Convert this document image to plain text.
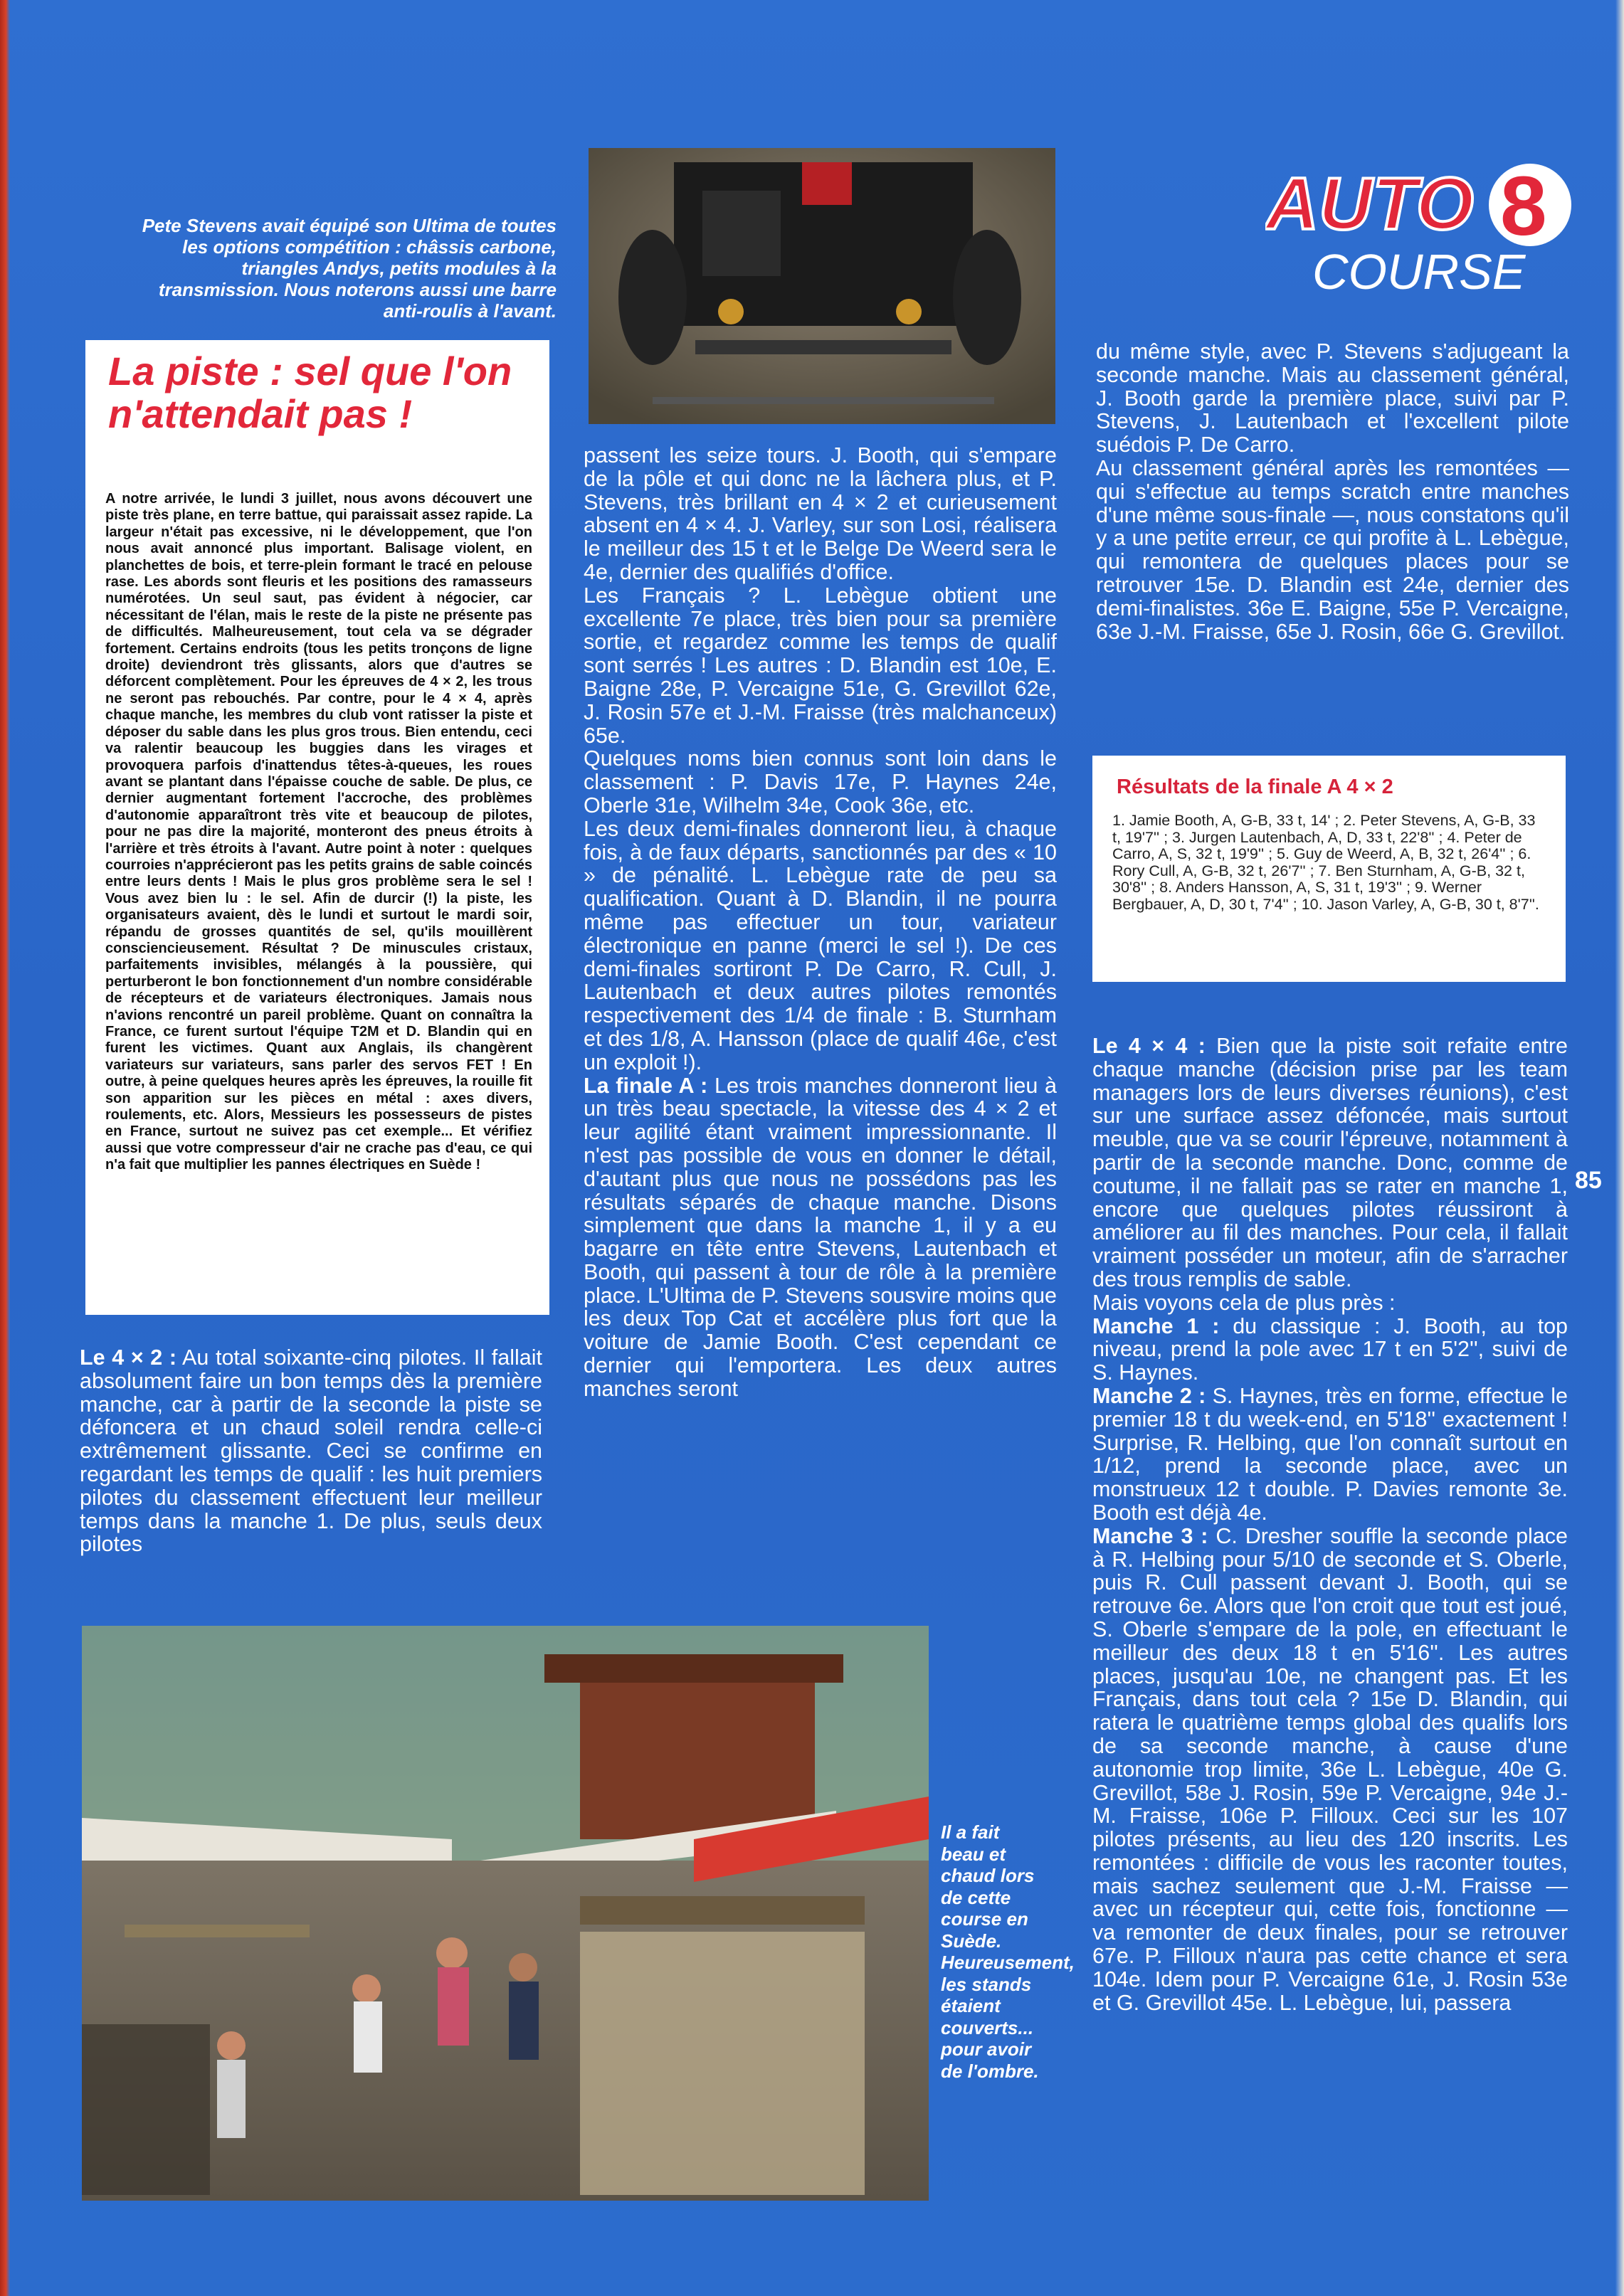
Pete Stevens avait équipé son Ultima de toutes les options compétition : châssis carbone, triangles Andys, petits modules à la transmission. Nous noterons aussi une barre anti-roulis à l'avant.
AUTO 8
COURSE
La piste : sel que l'on n'attendait pas !
A notre arrivée, le lundi 3 juillet, nous avons découvert une piste très plane, en terre battue, qui paraissait assez rapide. La largeur n'était pas excessive, ni le développement, que l'on nous avait annoncé plus important. Balisage violent, en planchettes de bois, et terre-plein formant le tracé en pelouse rase. Les abords sont fleuris et les positions des ramasseurs numérotées. Un seul saut, pas évident à négocier, car nécessitant de l'élan, mais le reste de la piste ne présente pas de difficultés. Malheureusement, tout cela va se dégrader fortement. Certains endroits (tous les petits tronçons de ligne droite) deviendront très glissants, alors que d'autres se déforcent complètement. Pour les épreuves de 4 × 2, les trous ne seront pas rebouchés. Par contre, pour le 4 × 4, après chaque manche, les membres du club vont ratisser la piste et déposer du sable dans les plus gros trous. Bien entendu, ceci va ralentir beaucoup les buggies dans les virages et provoquera parfois d'inattendus têtes-à-queues, les roues avant se plantant dans l'épaisse couche de sable. De plus, ce dernier augmentant fortement l'accroche, des problèmes d'autonomie apparaîtront très vite et beaucoup de pilotes, pour ne pas dire la majorité, monteront des pneus étroits à l'arrière et très étroits à l'avant. Autre point à noter : quelques courroies n'apprécieront pas les petits grains de sable coincés entre leurs dents ! Mais le plus gros problème sera le sel ! Vous avez bien lu : le sel. Afin de durcir (!) la piste, les organisateurs avaient, dès le lundi et surtout le mardi soir, répandu de grosses quantités de sel, qu'ils mouillèrent consciencieusement. Résultat ? De minuscules cristaux, parfaitements invisibles, mélangés à la poussière, qui perturberont le bon fonctionnement d'un nombre considérable de récepteurs et de variateurs électroniques. Jamais nous n'avions rencontré un pareil problème. Quant on connaîtra la France, ce furent surtout l'équipe T2M et D. Blandin qui en furent les victimes. Quant aux Anglais, ils changèrent variateurs sur variateurs, sans parler des servos FET ! En outre, à peine quelques heures après les épreuves, la rouille fit son apparition sur les pièces en métal : axes divers, roulements, etc. Alors, Messieurs les possesseurs de pistes en France, surtout ne suivez pas cet exemple... Et vérifiez aussi que votre compresseur d'air ne crache pas d'eau, ce qui n'a fait que multiplier les pannes électriques en Suède !
Le 4 × 2 : Au total soixante-cinq pilotes. Il fallait absolument faire un bon temps dès la première manche, car à partir de la seconde la piste se défoncera et un chaud soleil rendra celle-ci extrêmement glissante. Ceci se confirme en regardant les temps de qualif : les huit premiers pilotes du classement effectuent leur meilleur temps dans la manche 1. De plus, seuls deux pilotes
passent les seize tours. J. Booth, qui s'empare de la pôle et qui donc ne la lâchera plus, et P. Stevens, très brillant en 4 × 2 et curieusement absent en 4 × 4. J. Varley, sur son Losi, réalisera le meilleur des 15 t et le Belge De Weerd sera le 4e, dernier des qualifiés d'office.
Les Français ? L. Lebègue obtient une excellente 7e place, très bien pour sa première sortie, et regardez comme les temps de qualif sont serrés ! Les autres : D. Blandin est 10e, E. Baigne 28e, P. Vercaigne 51e, G. Grevillot 62e, J. Rosin 57e et J.-M. Fraisse (très malchanceux) 65e.
Quelques noms bien connus sont loin dans le classement : P. Davis 17e, P. Haynes 24e, Oberle 31e, Wilhelm 34e, Cook 36e, etc.
Les deux demi-finales donneront lieu, à chaque fois, à de faux départs, sanctionnés par des « 10 » de pénalité. L. Lebègue rate de peu sa qualification. Quant à D. Blandin, il ne pourra même pas effectuer un tour, variateur électronique en panne (merci le sel !). De ces demi-finales sortiront P. De Carro, R. Cull, J. Lautenbach et deux autres pilotes remontés respectivement des 1/4 de finale : B. Sturnham et des 1/8, A. Hansson (place de qualif 46e, c'est un exploit !).
La finale A : Les trois manches donneront lieu à un très beau spectacle, la vitesse des 4 × 2 et leur agilité étant vraiment impressionnante. Il n'est pas possible de vous en donner le détail, d'autant plus que nous ne possédons pas les résultats séparés de chaque manche. Disons simplement que dans la manche 1, il y a eu bagarre en tête entre Stevens, Lautenbach et Booth, qui passent à tour de rôle à la première place. L'Ultima de P. Stevens sousvire moins que les deux Top Cat et accélère plus fort que la voiture de Jamie Booth. C'est cependant ce dernier qui l'emportera. Les deux autres manches seront
du même style, avec P. Stevens s'adjugeant la seconde manche. Mais au classement général, J. Booth garde la première place, suivi par P. Stevens, J. Lautenbach et l'excellent pilote suédois P. De Carro.
Au classement général après les remontées — qui s'effectue au temps scratch entre manches d'une même sous-finale —, nous constatons qu'il y a une petite erreur, ce qui profite à L. Lebègue, qui remontera de quelques places pour se retrouver 15e. D. Blandin est 24e, dernier des demi-finalistes. 36e E. Baigne, 55e P. Vercaigne, 63e J.-M. Fraisse, 65e J. Rosin, 66e G. Grevillot.
Résultats de la finale A 4 × 2
1. Jamie Booth, A, G-B, 33 t, 14' ; 2. Peter Stevens, A, G-B, 33 t, 19'7'' ; 3. Jurgen Lautenbach, A, D, 33 t, 22'8'' ; 4. Peter de Carro, A, S, 32 t, 19'9'' ; 5. Guy de Weerd, A, B, 32 t, 26'4'' ; 6. Rory Cull, A, G-B, 32 t, 26'7'' ; 7. Ben Sturnham, A, G-B, 32 t, 30'8'' ; 8. Anders Hansson, A, S, 31 t, 19'3'' ; 9. Werner Bergbauer, A, D, 30 t, 7'4'' ; 10. Jason Varley, A, G-B, 30 t, 8'7''.
85
Le 4 × 4 : Bien que la piste soit refaite entre chaque manche (décision prise par les team managers lors de leurs diverses réunions), c'est sur une surface assez défoncée, mais surtout meuble, que va se courir l'épreuve, notamment à partir de la seconde manche. Donc, comme de coutume, il ne fallait pas se rater en manche 1, encore que quelques pilotes réussiront à améliorer au fil des manches. Pour cela, il fallait vraiment posséder un moteur, afin de s'arracher des trous remplis de sable.
Mais voyons cela de plus près :
Manche 1 : du classique : J. Booth, au top niveau, prend la pole avec 17 t en 5'2'', suivi de S. Haynes.
Manche 2 : S. Haynes, très en forme, effectue le premier 18 t du week-end, en 5'18'' exactement ! Surprise, R. Helbing, que l'on connaît surtout en 1/12, prend la seconde place, avec un monstrueux 12 t double. P. Davies remonte 3e. Booth est déjà 4e.
Manche 3 : C. Dresher souffle la seconde place à R. Helbing pour 5/10 de seconde et S. Oberle, puis R. Cull passent devant J. Booth, qui se retrouve 6e. Alors que l'on croit que tout est joué, S. Oberle s'empare de la pole, en effectuant le meilleur des deux 18 t en 5'16''. Les autres places, jusqu'au 10e, ne changent pas. Et les Français, dans tout cela ? 15e D. Blandin, qui ratera le quatrième temps global des qualifs lors de sa seconde manche, à cause d'une autonomie trop limite, 36e L. Lebègue, 40e G. Grevillot, 58e J. Rosin, 59e P. Vercaigne, 94e J.-M. Fraisse, 106e P. Filloux. Ceci sur les 107 pilotes présents, au lieu des 120 inscrits. Les remontées : difficile de vous les raconter toutes, mais sachez seulement que J.-M. Fraisse — avec un récepteur qui, cette fois, fonctionne — va remonter de deux finales, pour se retrouver 67e. P. Filloux n'aura pas cette chance et sera 104e. Idem pour P. Vercaigne 61e, J. Rosin 53e et G. Grevillot 45e. L. Lebègue, lui, passera
Il a fait beau et chaud lors de cette course en Suède. Heureusement, les stands étaient couverts... pour avoir de l'ombre.
